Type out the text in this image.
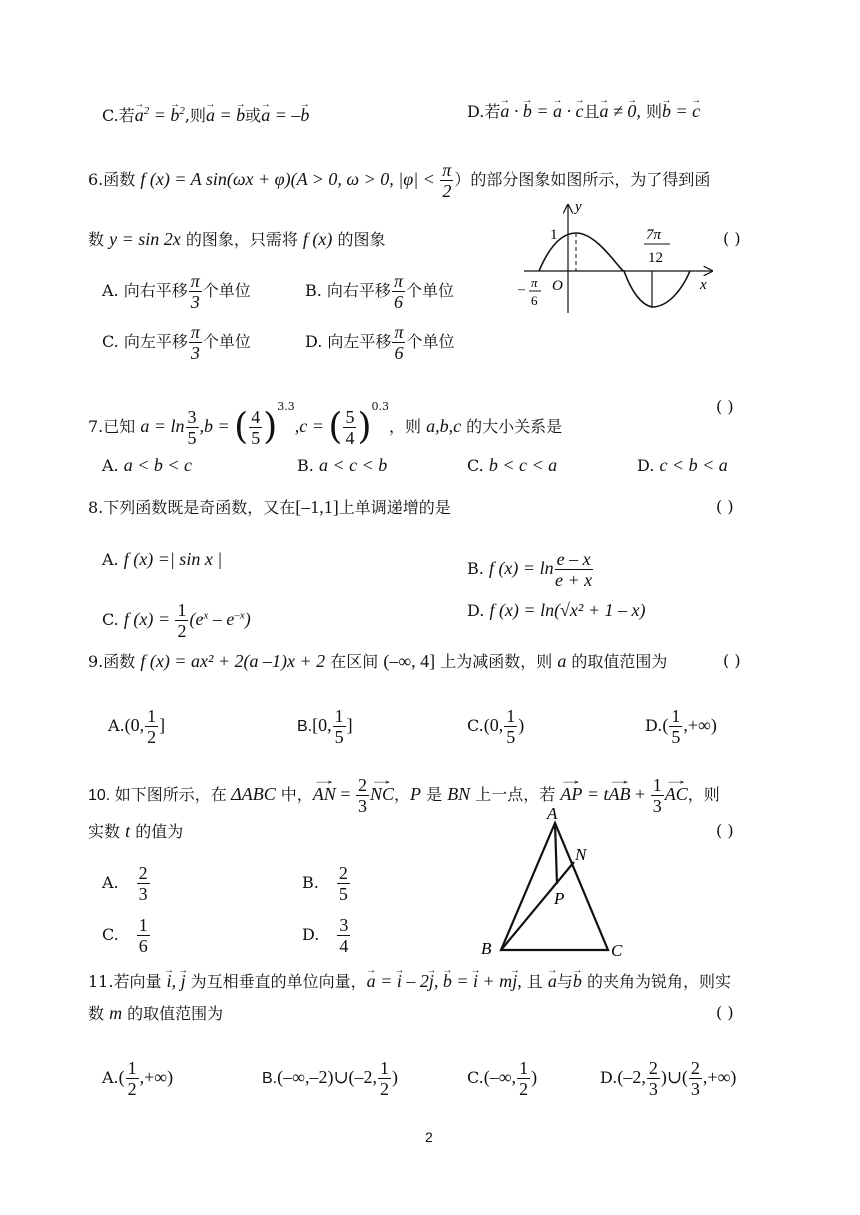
C.若→ $a^2$ = → $b^2$,则→ a = → b或→ a = –→ b	D.若→ a · → b = → a · → c且→ a ≠ → 0, 则→ b = → c
6.函数 f (x) = A sin(ωx + φ)(A > 0, ω > 0, $|\varphi| < \frac{\pi}{2}$ ）的部分图象如图所示，为了得到函
数 y = sin 2x 的图象，只需将 f (x) 的图象	( )
A. 向右平移 $\frac{\pi}{3}$ 个单位	B. 向右平移 $\frac{\pi}{6}$ 个单位
C. 向左平移 $\frac{\pi}{3}$ 个单位	D. 向左平移 $\frac{\pi}{6}$ 个单位
y
x
1
O
7π
12
– π
6
7.已知 $a = \ln \frac{3}{5} ,b$ = ( $\frac{4}{5} )^{3.3},c$ = ( $\frac{5}{4} )^{0.3}$，则 a,b,c 的大小关系是
( )
A. a < b < c	B. a < c < b	C. b < c < a	D. c < b < a
8.下列函数既是奇函数，又在[–1,1]上单调递增的是	( )
A. f (x) =| sin x |	B. f $(x) = \ln \frac{e - x}{e + x}$
C. f $(x) = \frac{1}{2} (e^x - e^{-x})$	D. f (x) = ln(√x² + 1 – x)
9.函数 f (x) = ax² + 2(a –1)x + 2 在区间 (–∞, 4] 上为减函数，则 a 的取值范围为	( )
A.(0, $\frac{1}{2}$ ]	B.[0, $\frac{1}{5}$ ]	C.(0, $\frac{1}{5}$ )	$D.( \frac{1}{5}$ ,+∞)
10. 如下图所示，在 ΔABC 中，→ AN = $\frac{2}{3}$ → NC，P 是 BN 上一点，若 → AP = t→ AB + $\frac{1}{3}$ → AC，则
实数 t 的值为	( )
A. $\frac{2}{3}$	B. $\frac{2}{5}$
C. $\frac{1}{6}$	D. $\frac{3}{4}$
A
B	C
N
P
11.若向量 → i, → j 为互相垂直的单位向量，→ a = → i – 2→ j, → b = → i + m→ j, 且 → a与→ b 的夹角为锐角，则实
数 m 的取值范围为	( )
$A.( \frac{1}{2}$ ,+∞)	B.(–∞,–2)∪(–2, $\frac{1}{2}$ )	C.(–∞, $\frac{1}{2}$ )	D.(–2, $\frac{2}{3}$ )∪( $\frac{2}{3}$ ,+∞)
2
